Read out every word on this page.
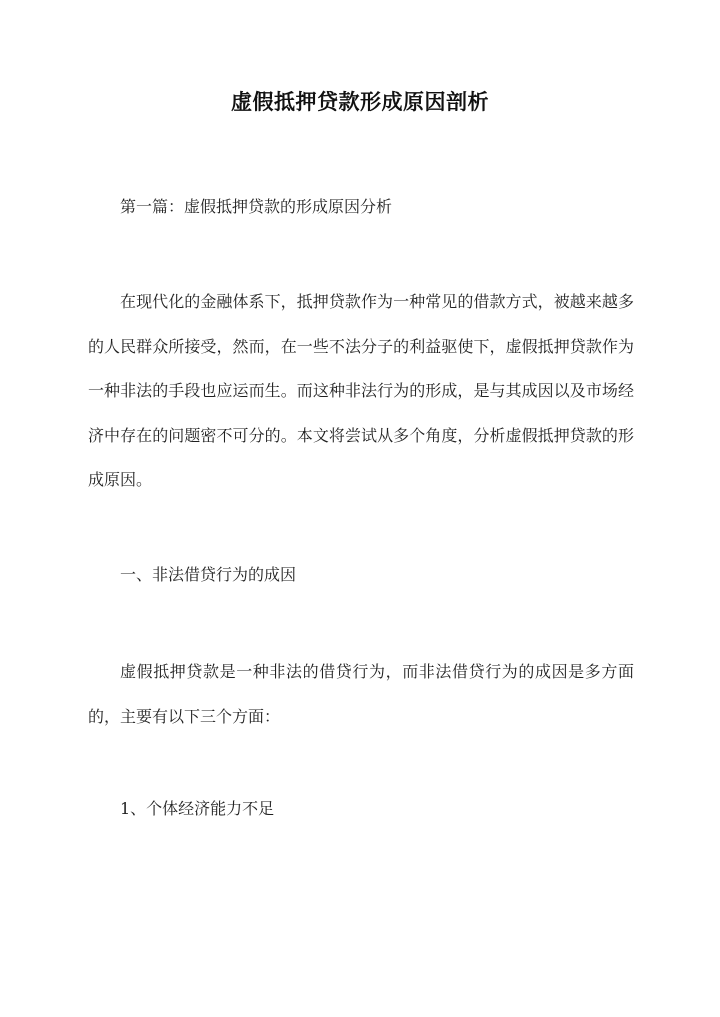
虚假抵押贷款形成原因剖析

第一篇：虚假抵押贷款的形成原因分析

在现代化的金融体系下，抵押贷款作为一种常见的借款方式，被越来越多的人民群众所接受，然而，在一些不法分子的利益驱使下，虚假抵押贷款作为一种非法的手段也应运而生。而这种非法行为的形成，是与其成因以及市场经济中存在的问题密不可分的。本文将尝试从多个角度，分析虚假抵押贷款的形成原因。

一、非法借贷行为的成因

虚假抵押贷款是一种非法的借贷行为，而非法借贷行为的成因是多方面的，主要有以下三个方面：

1、个体经济能力不足
